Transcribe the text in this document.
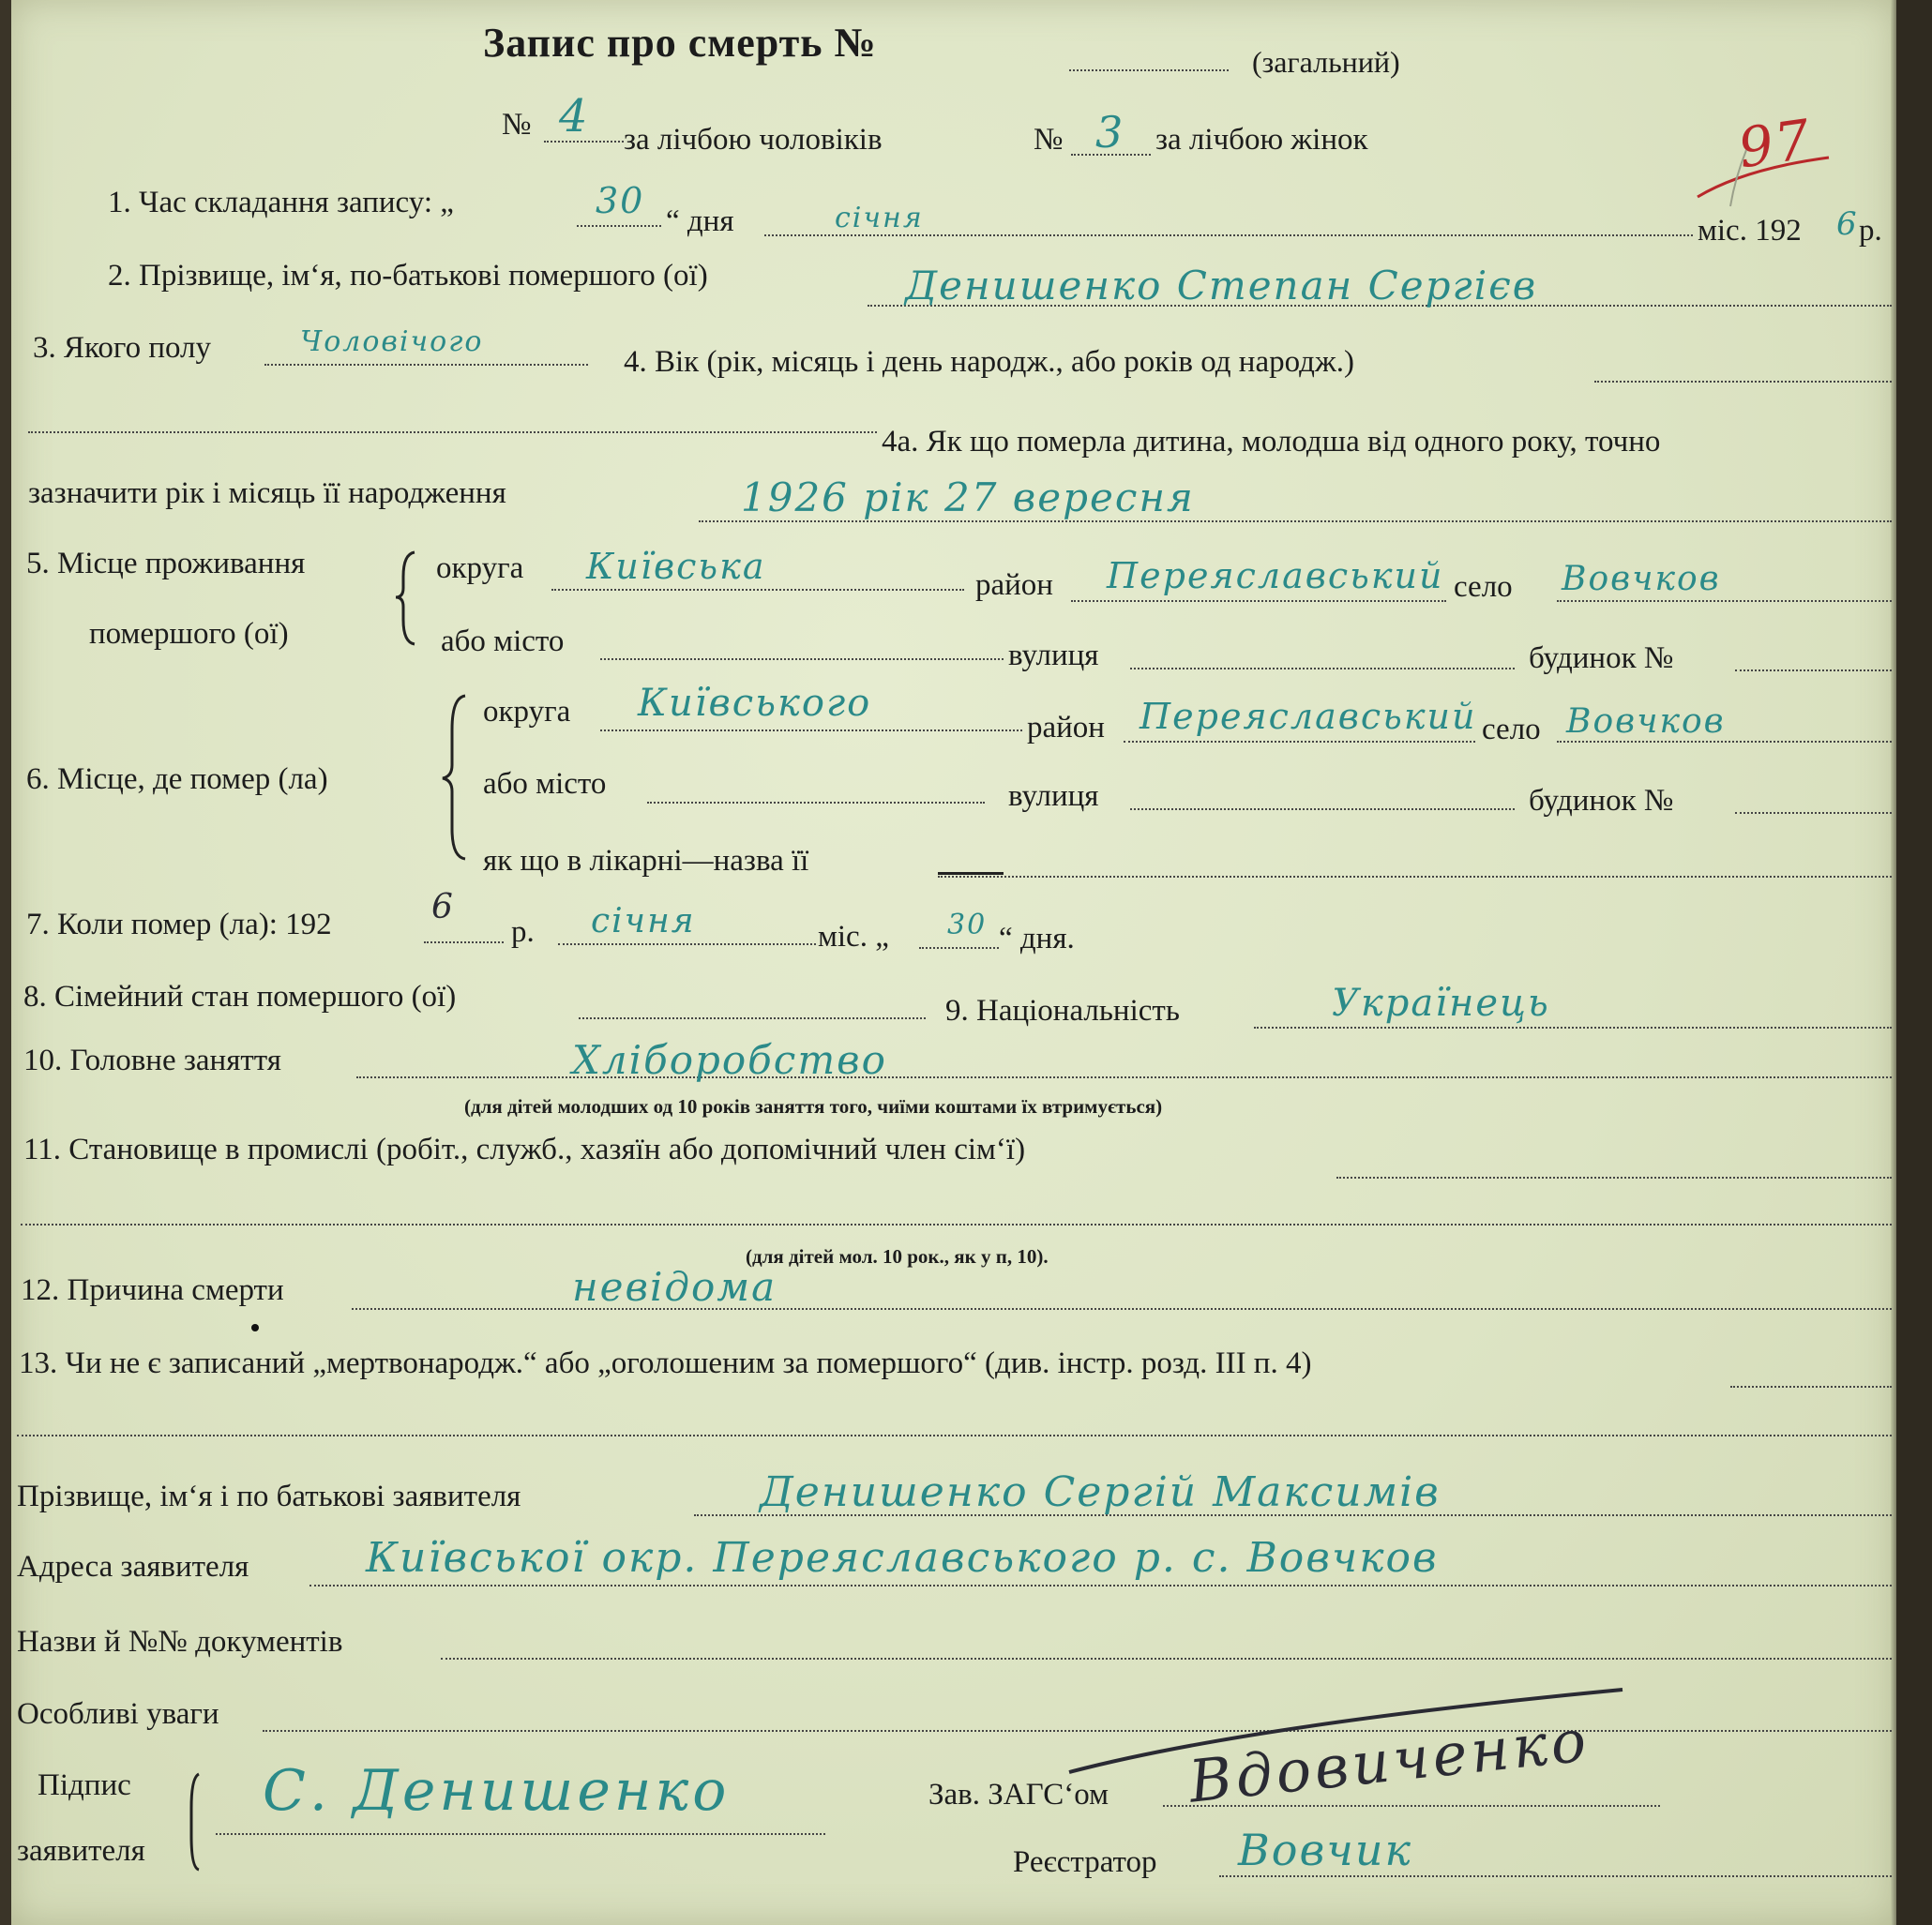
Запис про смерть №	(загальний)
№ 4 за лічбою чоловіків	№ 3 за лічбою жінок	97
1. Час складання запису: „	30 “ дня	січня	міс. 192 6 р.
2. Прізвище, ім‘я, по-батькові помершого (ої)	Денишенко Степан Сергієв
3. Якого полу	Чоловічого
4. Вік (рік, місяць і день народж., або років од народж.)
4а. Як що померла дитина, молодша від одного року, точно
зазначити рік і місяць її народження	1926 рік 27 вересня
5. Місце проживання
помершого (ої)
округа Київська	район Переяславський село Вовчков
або місто	вулиця	будинок №
6. Місце, де помер (ла)
округа Київського
район Переяславський село Вовчков
або місто	вулиця	будинок №
як що в лікарні—назва її
7. Коли помер (ла): 192	6
р. січня	міс. „ 30 “ дня.
8. Сімейний стан помершого (ої)	9. Національність	Українець
10. Головне заняття	Хліборобство
(для дітей молодших од 10 років заняття того, чиїми коштами їх втримується)
11. Становище в промислі (робіт., служб., хазяїн або допомічний член сім‘ї)
(для дітей мол. 10 рок., як у п, 10).
12. Причина смерти	невідома
13. Чи не є записаний „мертвонародж.“ або „оголошеним за помершого“ (див. інстр. розд. III п. 4)
Прізвище, ім‘я і по батькові заявителя	Денишенко Сергій Максимів
Адреса заявителя	Київської окр. Переяславського р. с. Вовчков
Назви й №№ документів
Особливі уваги
Підпис
заявителя
С. Денишенко	Зав. ЗАГС‘ом Вдовиченко
Реєстратор Вовчик
